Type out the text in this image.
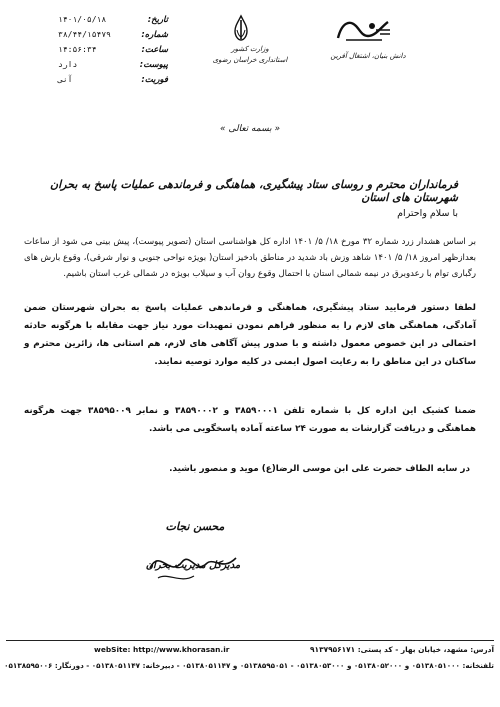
تاریخ:
۱۴۰۱/۰۵/۱۸
شماره:
۳۸/۴۴/۱۵۴۷۹
ساعت:
۱۴:۵۶:۳۴
پیوست:
دارد
فوریت:
آنی
وزارت کشور
استانداری خراسان رضوی	دانش بنیان، اشتغال آفرین
« بسمه تعالی »
فرمانداران محترم و روسای ستاد پیشگیری، هماهنگی و فرماندهی عملیات پاسخ به بحران شهرستان های استان
با سلام واحترام
بر اساس هشدار زرد شماره ۳۲ مورخ ۱۸/ ۵/ ۱۴۰۱ اداره کل هواشناسی استان (تصویر پیوست)، پیش بینی می شود از ساعات بعدازظهر امروز ۱۸/ ۵/ ۱۴۰۱ شاهد وزش باد شدید در مناطق بادخیز استان( بویژه نواحی جنوبی و نوار شرقی)، وقوع بارش های رگباری توام با رعدوبرق در نیمه شمالی استان با احتمال وقوع روان آب و سیلاب بویژه در شمالی غرب استان باشیم.
لطفا دستور فرمایید ستاد پیشگیری، هماهنگی و فرماندهی عملیات پاسخ به بحران شهرستان ضمن آمادگی، هماهنگی های لازم را به منظور فراهم نمودن تمهیدات مورد نیاز جهت مقابله با هرگونه حادثه احتمالی در این خصوص معمول داشته و با صدور پیش آگاهی های لازم، هم استانی ها، زائرین محترم و ساکنان در این مناطق را به رعایت اصول ایمنی در کلیه موارد توصیه نمایند.
ضمنا کشیک این اداره کل با شماره تلفن ۳۸۵۹۰۰۰۱ و ۳۸۵۹۰۰۰۲ و نمابر ۳۸۵۹۵۰۰۹ جهت هرگونه هماهنگی و دریافت گزارشات به صورت ۲۴ ساعته آماده پاسخگویی می باشد.
در سایه الطاف حضرت علی ابن موسی الرضا(ع) موید و منصور باشید.
محسن نجات
مدیرکل مدیریت بحران
webSite: http://www.khorasan.ir	آدرس: مشهد، خیابان بهار - کد پستی: ۹۱۳۷۹۵۶۱۷۱
تلفنخانه: ۰۵۱۳۸۰۵۱۰۰۰ و ۰۵۱۳۸۰۵۲۰۰۰ و ۰۵۱۳۸۰۵۳۰۰۰ - ۰۵۱۳۸۵۹۵۰۵۱ و ۰۵۱۳۸۰۵۱۱۴۷ - دبیرخانه: ۰۵۱۳۸۰۵۱۱۴۷ - دورنگار: ۰۵۱۳۸۵۹۵۰۰۶
